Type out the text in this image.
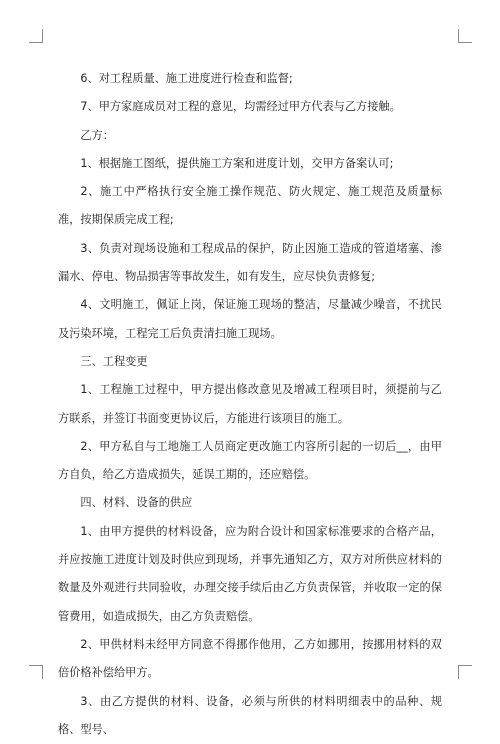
6、对工程质量、施工进度进行检查和监督;

7、甲方家庭成员对工程的意见，均需经过甲方代表与乙方接触。

乙方：

1、根据施工图纸，提供施工方案和进度计划，交甲方备案认可;

2、施工中严格执行安全施工操作规范、防火规定、施工规范及质量标准，按期保质完成工程;

3、负责对现场设施和工程成品的保护，防止因施工造成的管道堵塞、渗漏水、停电、物品损害等事故发生，如有发生，应尽快负责修复;

4、文明施工，佩证上岗，保证施工现场的整洁，尽量减少噪音，不扰民及污染环境，工程完工后负责清扫施工现场。

三、工程变更

1、工程施工过程中，甲方提出修改意见及增减工程项目时，须提前与乙方联系，并签订书面变更协议后，方能进行该项目的施工。

2、甲方私自与工地施工人员商定更改施工内容所引起的一切后__，由甲方自负，给乙方造成损失，延误工期的，还应赔偿。

四、材料、设备的供应

1、由甲方提供的材料设备，应为附合设计和国家标准要求的合格产品，并应按施工进度计划及时供应到现场，并事先通知乙方，双方对所供应材料的数量及外观进行共同验收，办理交接手续后由乙方负责保管，并收取一定的保管费用，如造成损失，由乙方负责赔偿。

2、甲供材料未经甲方同意不得挪作他用，乙方如挪用，按挪用材料的双倍价格补偿给甲方。

3、由乙方提供的材料、设备，必须与所供的材料明细表中的品种、规格、型号、
